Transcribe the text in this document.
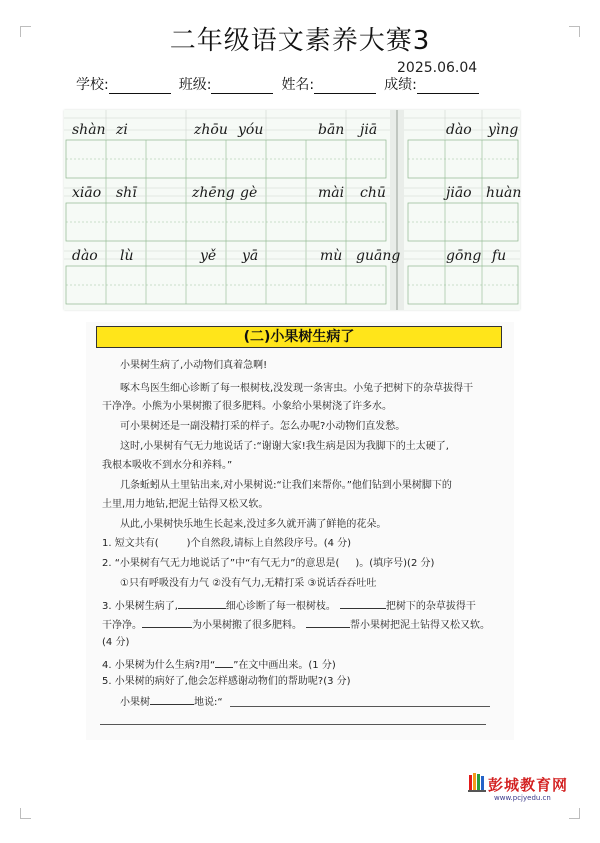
二年级语文素养大赛3
2025.06.04
学校:	班级:	姓名:	成绩:
shàn zi	zhōu yóu	bān jiā	dào yìng
xiāo shī	zhēng gè	mài chū	jiāo huàn
dào lù	yě yā	mù guāng	gōng fu
(二)小果树生病了
小果树生病了,小动物们真着急啊!
啄木鸟医生细心诊断了每一根树枝,没发现一条害虫。小兔子把树下的杂草拔得干
干净净。小熊为小果树搬了很多肥料。小象给小果树浇了许多水。
可小果树还是一副没精打采的样子。怎么办呢?小动物们直发愁。
这时,小果树有气无力地说话了:“谢谢大家!我生病是因为我脚下的土太硬了,
我根本吸收不到水分和养料。”
几条蚯蚓从土里钻出来,对小果树说:“让我们来帮你。”他们钻到小果树脚下的
土里,用力地钻,把泥土钻得又松又软。
从此,小果树快乐地生长起来,没过多久就开满了鲜艳的花朵。
1. 短文共有(	)个自然段,请标上自然段序号。(4 分)
2. “小果树有气无力地说话了”中“有气无力”的意思是( )。(填序号)(2 分)
①只有呼吸没有力气 ②没有气力,无精打采 ③说话吞吞吐吐
3. 小果树生病了,	细心诊断了每一根树枝。	把树下的杂草拔得干
干净净。	为小果树搬了很多肥料。	帮小果树把泥土钻得又松又软。
(4 分)
4. 小果树为什么生病?用“ ”在文中画出来。(1 分)
5. 小果树的病好了,他会怎样感谢动物们的帮助呢?(3 分)
小果树	地说:“
彭城教育网
www.pcjyedu.cn
